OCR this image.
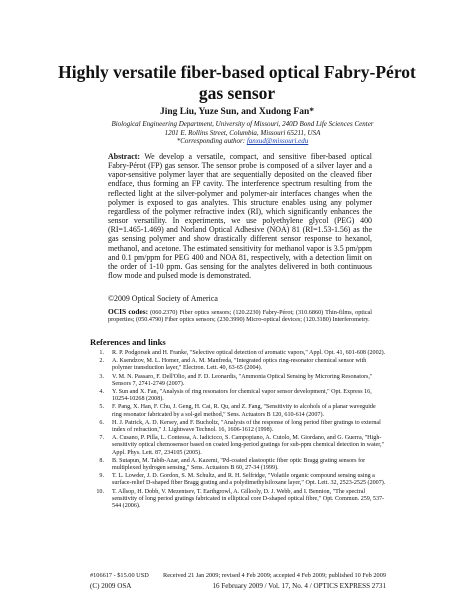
Highly versatile fiber-based optical Fabry-Pérot
gas sensor
Jing Liu, Yuze Sun, and Xudong Fan*
Biological Engineering Department, University of Missouri, 240D Bond Life Sciences Center
1201 E. Rollins Street, Columbia, Missouri 65211, USA
*Corresponding author: fanxud@missouri.edu

Abstract: We develop a versatile, compact, and sensitive fiber-based optical Fabry-Pérot (FP) gas sensor. The sensor probe is composed of a silver layer and a vapor-sensitive polymer layer that are sequentially deposited on the cleaved fiber endface, thus forming an FP cavity. The interference spectrum resulting from the reflected light at the silver-polymer and polymer-air interfaces changes when the polymer is exposed to gas analytes. This structure enables using any polymer regardless of the polymer refractive index (RI), which significantly enhances the sensor versatility. In experiments, we use polyethylene glycol (PEG) 400 (RI=1.465-1.469) and Norland Optical Adhesive (NOA) 81 (RI=1.53-1.56) as the gas sensing polymer and show drastically different sensor response to hexanol, methanol, and acetone. The estimated sensitivity for methanol vapor is 3.5 pm/ppm and 0.1 pm/ppm for PEG 400 and NOA 81, respectively, with a detection limit on the order of 1-10 ppm. Gas sensing for the analytes delivered in both continuous flow mode and pulsed mode is demonstrated.

©2009 Optical Society of America

OCIS codes: (060.2370) Fiber optics sensors; (120.2230) Fabry-Pérot; (310.6860) Thin-films, optical properties; (050.4790) Fiber optics sensors; (230.3990) Micro-optical devices; (120.3180) Interferometry.

References and links
1.	R. P. Podgorsek and H. Franke, "Selective optical detection of aromatic vapors," Appl. Opt. 41, 601-608 (2002).
2.	A. Ksendzov, M. L. Homer, and A. M. Manfreda, "Integrated optics ring-resonator chemical sensor with polymer transduction layer," Electron. Lett. 40, 63-65 (2004).
3.	V. M. N. Passaro, F. Dell'Olio, and F. D. Leonardis, "Ammonia Optical Sensing by Microring Resonators," Sensors 7, 2741-2749 (2007).
4.	Y. Sun and X. Fan, "Analysis of ring resonators for chemical vapor sensor development," Opt. Express 16, 10254-10268 (2008).
5.	F. Pang, X. Han, F. Chu, J. Geng, H. Cai, R. Qu, and Z. Fang, "Sensitivity to alcohols of a planar waveguide ring resonator fabricated by a sol-gel method," Sens. Actuators B 120, 610-614 (2007).
6.	H. J. Patrick, A. D. Kersey, and F. Bucholtz, "Analysis of the response of long period fiber gratings to external index of refraction," J. Lightwave Technol. 16, 1606-1612 (1998).
7.	A. Cusano, P. Pilla, L. Contessa, A. Iadicicco, S. Campopiano, A. Cutolo, M. Giordano, and G. Guerra, "High-sensitivity optical chemosensor based on coated long-period gratings for sub-ppm chemical detection in water," Appl. Phys. Lett. 87, 234105 (2005).
8.	B. Sutapun, M. Tabib-Azar, and A. Kazemi, "Pd-coated elastooptic fiber optic Bragg grating sensors for multiplexed hydrogen sensing," Sens. Actuators B 60, 27-34 (1999).
9.	T. L. Lowder, J. D. Gordon, S. M. Schultz, and R. H. Selfridge, "Volatile organic compound sensing using a surface-relief D-shaped fiber Bragg grating and a polydimethylsiloxane layer," Opt. Lett. 32, 2523-2525 (2007).
10.	T. Allsop, H. Dobb, V. Mezentsev, T. Earthgrowl, A. Gillooly, D. J. Webb, and I. Bennion, "The spectral sensitivity of long period gratings fabricated in elliptical core D-shaped optical fibre," Opt. Commun. 259, 537-544 (2006).
#106617 - $15.00 USD Received 21 Jan 2009; revised 4 Feb 2009; accepted 4 Feb 2009; published 10 Feb 2009
(C) 2009 OSA	16 February 2009 / Vol. 17, No. 4 / OPTICS EXPRESS 2731
